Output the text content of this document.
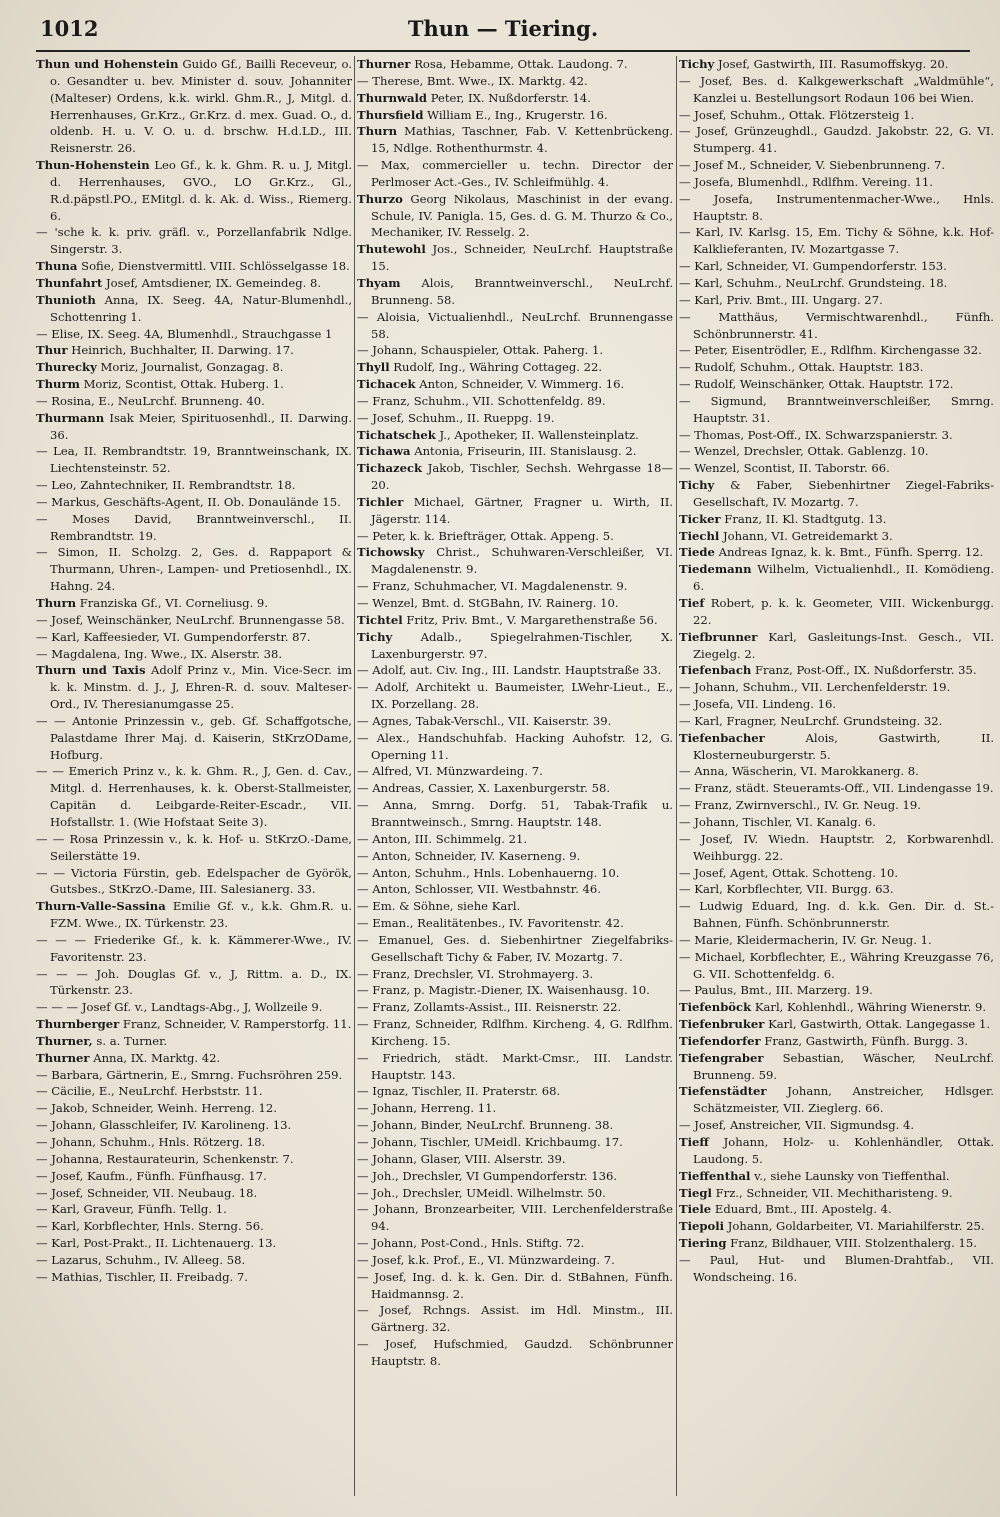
1012	Thun — Tiering.

Thun und Hohenstein Guido Gf., Bailli Receveur, o. o. Gesandter u. bev. Minister d. souv. Johanniter (Malteser) Ordens, k.k. wirkl. Ghm.R., J, Mitgl. d. Herrenhauses, Gr.Krz., Gr.Krz. d. mex. Guad. O., d. oldenb. H. u. V. O. u. d. brschw. H.d.LD., III. Reisnerstr. 26.

Thun-Hohenstein Leo Gf., k. k. Ghm. R. u. J, Mitgl. d. Herrenhauses, GVO., LO Gr.Krz., Gl., R.d.päpstl.PO., EMitgl. d. k. Ak. d. Wiss., Riemerg. 6.

— 'sche k. k. priv. gräfl. v., Porzellanfabrik Ndlge. Singerstr. 3.

Thuna Sofie, Dienstvermittl. VIII. Schlösselgasse 18.

Thunfahrt Josef, Amtsdiener, IX. Gemeindeg. 8.

Thunioth Anna, IX. Seeg. 4A, Natur-Blumenhdl., Schottenring 1.

— Elise, IX. Seeg. 4A, Blumenhdl., Strauchgasse 1

Thur Heinrich, Buchhalter, II. Darwing. 17.

Thurecky Moriz, Journalist, Gonzagag. 8.

Thurm Moriz, Scontist, Ottak. Huberg. 1.

— Rosina, E., NeuLrchf. Brunneng. 40.

Thurmann Isak Meier, Spirituosenhdl., II. Darwing. 36.

— Lea, II. Rembrandtstr. 19, Branntweinschank, IX. Liechtensteinstr. 52.

— Leo, Zahntechniker, II. Rembrandtstr. 18.

— Markus, Geschäfts-Agent, II. Ob. Donaulände 15.

— Moses David, Branntweinverschl., II. Rembrandtstr. 19.

— Simon, II. Scholzg. 2, Ges. d. Rappaport & Thurmann, Uhren-, Lampen- und Pretiosenhdl., IX. Hahng. 24.

Thurn Franziska Gf., VI. Corneliusg. 9.

— Josef, Weinschänker, NeuLrchf. Brunnengasse 58.

— Karl, Kaffeesieder, VI. Gumpendorferstr. 87.

— Magdalena, Ing. Wwe., IX. Alserstr. 38.

Thurn und Taxis Adolf Prinz v., Min. Vice-Secr. im k. k. Minstm. d. J., J, Ehren-R. d. souv. Malteser-Ord., IV. Theresianumgasse 25.

— — Antonie Prinzessin v., geb. Gf. Schaffgotsche, Palastdame Ihrer Maj. d. Kaiserin, StKrzODame, Hofburg.

— — Emerich Prinz v., k. k. Ghm. R., J, Gen. d. Cav., Mitgl. d. Herrenhauses, k. k. Oberst-Stallmeister, Capitän d. Leibgarde-Reiter-Escadr., VII. Hofstallstr. 1. (Wie Hofstaat Seite 3).

— — Rosa Prinzessin v., k. k. Hof- u. StKrzO.-Dame, Seilerstätte 19.

— — Victoria Fürstin, geb. Edelspacher de Györök, Gutsbes., StKrzO.-Dame, III. Salesianerg. 33.

Thurn-Valle-Sassina Emilie Gf. v., k.k. Ghm.R. u. FZM. Wwe., IX. Türkenstr. 23.

— — — Friederike Gf., k. k. Kämmerer-Wwe., IV. Favoritenstr. 23.

— — — Joh. Douglas Gf. v., J, Rittm. a. D., IX. Türkenstr. 23.

— — — Josef Gf. v., Landtags-Abg., J, Wollzeile 9.

Thurnberger Franz, Schneider, V. Ramperstorfg. 11.

Thurner, s. a. Turner.

Thurner Anna, IX. Marktg. 42.

— Barbara, Gärtnerin, E., Smrng. Fuchsröhren 259.

— Cäcilie, E., NeuLrchf. Herbststr. 11.

— Jakob, Schneider, Weinh. Herreng. 12.

— Johann, Glasschleifer, IV. Karolineng. 13.

— Johann, Schuhm., Hnls. Rötzerg. 18.

— Johanna, Restaurateurin, Schenkenstr. 7.

— Josef, Kaufm., Fünfh. Fünfhausg. 17.

— Josef, Schneider, VII. Neubaug. 18.

— Karl, Graveur, Fünfh. Tellg. 1.

— Karl, Korbflechter, Hnls. Sterng. 56.

— Karl, Post-Prakt., II. Lichtenauerg. 13.

— Lazarus, Schuhm., IV. Alleeg. 58.

— Mathias, Tischler, II. Freibadg. 7.

Thurner Rosa, Hebamme, Ottak. Laudong. 7.

— Therese, Bmt. Wwe., IX. Marktg. 42.

Thurnwald Peter, IX. Nußdorferstr. 14.

Thursfield William E., Ing., Krugerstr. 16.

Thurn Mathias, Taschner, Fab. V. Kettenbrückeng. 15, Ndlge. Rothenthurmstr. 4.

— Max, commercieller u. techn. Director der Perlmoser Act.-Ges., IV. Schleifmühlg. 4.

Thurzo Georg Nikolaus, Maschinist in der evang. Schule, IV. Panigla. 15, Ges. d. G. M. Thurzo & Co., Mechaniker, IV. Resselg. 2.

Thutewohl Jos., Schneider, NeuLrchf. Hauptstraße 15.

Thyam Alois, Branntweinverschl., NeuLrchf. Brunneng. 58.

— Aloisia, Victualienhdl., NeuLrchf. Brunnengasse 58.

— Johann, Schauspieler, Ottak. Paherg. 1.

Thyll Rudolf, Ing., Währing Cottageg. 22.

Tichacek Anton, Schneider, V. Wimmerg. 16.

— Franz, Schuhm., VII. Schottenfeldg. 89.

— Josef, Schuhm., II. Rueppg. 19.

Tichatschek J., Apotheker, II. Wallensteinplatz.

Tichawa Antonia, Friseurin, III. Stanislausg. 2.

Tichazeck Jakob, Tischler, Sechsh. Wehrgasse 18—20.

Tichler Michael, Gärtner, Fragner u. Wirth, II. Jägerstr. 114.

— Peter, k. k. Briefträger, Ottak. Appeng. 5.

Tichowsky Christ., Schuhwaren-Verschleißer, VI. Magdalenenstr. 9.

— Franz, Schuhmacher, VI. Magdalenenstr. 9.

— Wenzel, Bmt. d. StGBahn, IV. Rainerg. 10.

Tichtel Fritz, Priv. Bmt., V. Margarethenstraße 56.

Tichy Adalb., Spiegelrahmen-Tischler, X. Laxenburgerstr. 97.

— Adolf, aut. Civ. Ing., III. Landstr. Hauptstraße 33.

— Adolf, Architekt u. Baumeister, LWehr-Lieut., E., IX. Porzellang. 28.

— Agnes, Tabak-Verschl., VII. Kaiserstr. 39.

— Alex., Handschuhfab. Hacking Auhofstr. 12, G. Operning 11.

— Alfred, VI. Münzwardeing. 7.

— Andreas, Cassier, X. Laxenburgerstr. 58.

— Anna, Smrng. Dorfg. 51, Tabak-Trafik u. Branntweinsch., Smrng. Hauptstr. 148.

— Anton, III. Schimmelg. 21.

— Anton, Schneider, IV. Kaserneng. 9.

— Anton, Schuhm., Hnls. Lobenhauerng. 10.

— Anton, Schlosser, VII. Westbahnstr. 46.

— Em. & Söhne, siehe Karl.

— Eman., Realitätenbes., IV. Favoritenstr. 42.

— Emanuel, Ges. d. Siebenhirtner Ziegelfabriks-Gesellschaft Tichy & Faber, IV. Mozartg. 7.

— Franz, Drechsler, VI. Strohmayerg. 3.

— Franz, p. Magistr.-Diener, IX. Waisenhausg. 10.

— Franz, Zollamts-Assist., III. Reisnerstr. 22.

— Franz, Schneider, Rdlfhm. Kircheng. 4, G. Rdlfhm. Kircheng. 15.

— Friedrich, städt. Markt-Cmsr., III. Landstr. Hauptstr. 143.

— Ignaz, Tischler, II. Praterstr. 68.

— Johann, Herreng. 11.

— Johann, Binder, NeuLrchf. Brunneng. 38.

— Johann, Tischler, UMeidl. Krichbaumg. 17.

— Johann, Glaser, VIII. Alserstr. 39.

— Joh., Drechsler, VI Gumpendorferstr. 136.

— Joh., Drechsler, UMeidl. Wilhelmstr. 50.

— Johann, Bronzearbeiter, VIII. Lerchenfelderstraße 94.

— Johann, Post-Cond., Hnls. Stiftg. 72.

— Josef, k.k. Prof., E., VI. Münzwardeing. 7.

— Josef, Ing. d. k. k. Gen. Dir. d. StBahnen, Fünfh. Haidmannsg. 2.

— Josef, Rchngs. Assist. im Hdl. Minstm., III. Gärtnerg. 32.

— Josef, Hufschmied, Gaudzd. Schönbrunner Hauptstr. 8.

Tichy Josef, Gastwirth, III. Rasumoffskyg. 20.

— Josef, Bes. d. Kalkgewerkschaft „Waldmühle“, Kanzlei u. Bestellungsort Rodaun 106 bei Wien.

— Josef, Schuhm., Ottak. Flötzersteig 1.

— Josef, Grünzeughdl., Gaudzd. Jakobstr. 22, G. VI. Stumperg. 41.

— Josef M., Schneider, V. Siebenbrunneng. 7.

— Josefa, Blumenhdl., Rdlfhm. Vereing. 11.

— Josefa, Instrumentenmacher-Wwe., Hnls. Hauptstr. 8.

— Karl, IV. Karlsg. 15, Em. Tichy & Söhne, k.k. Hof-Kalklieferanten, IV. Mozartgasse 7.

— Karl, Schneider, VI. Gumpendorferstr. 153.

— Karl, Schuhm., NeuLrchf. Grundsteing. 18.

— Karl, Priv. Bmt., III. Ungarg. 27.

— Matthäus, Vermischtwarenhdl., Fünfh. Schönbrunnerstr. 41.

— Peter, Eisentrödler, E., Rdlfhm. Kirchengasse 32.

— Rudolf, Schuhm., Ottak. Hauptstr. 183.

— Rudolf, Weinschänker, Ottak. Hauptstr. 172.

— Sigmund, Branntweinverschleißer, Smrng. Hauptstr. 31.

— Thomas, Post-Off., IX. Schwarzspanierstr. 3.

— Wenzel, Drechsler, Ottak. Gablenzg. 10.

— Wenzel, Scontist, II. Taborstr. 66.

Tichy & Faber, Siebenhirtner Ziegel-Fabriks-Gesellschaft, IV. Mozartg. 7.

Ticker Franz, II. Kl. Stadtgutg. 13.

Tiechl Johann, VI. Getreidemarkt 3.

Tiede Andreas Ignaz, k. k. Bmt., Fünfh. Sperrg. 12.

Tiedemann Wilhelm, Victualienhdl., II. Komödieng. 6.

Tief Robert, p. k. k. Geometer, VIII. Wickenburgg. 22.

Tiefbrunner Karl, Gasleitungs-Inst. Gesch., VII. Ziegelg. 2.

Tiefenbach Franz, Post-Off., IX. Nußdorferstr. 35.

— Johann, Schuhm., VII. Lerchenfelderstr. 19.

— Josefa, VII. Lindeng. 16.

— Karl, Fragner, NeuLrchf. Grundsteing. 32.

Tiefenbacher	Alois, Gastwirth, II. Klosterneuburgerstr. 5.

— Anna, Wäscherin, VI. Marokkanerg. 8.

— Franz, städt. Steueramts-Off., VII. Lindengasse 19.

— Franz, Zwirnverschl., IV. Gr. Neug. 19.

— Johann, Tischler, VI. Kanalg. 6.

— Josef, IV. Wiedn. Hauptstr. 2, Korbwarenhdl. Weihburgg. 22.

— Josef, Agent, Ottak. Schotteng. 10.

— Karl, Korbflechter, VII. Burgg. 63.

— Ludwig Eduard, Ing. d. k.k. Gen. Dir. d. St.-Bahnen, Fünfh. Schönbrunnerstr.

— Marie, Kleidermacherin, IV. Gr. Neug. 1.

— Michael, Korbflechter, E., Währing Kreuzgasse 76, G. VII. Schottenfeldg. 6.

— Paulus, Bmt., III. Marzerg. 19.

Tiefenböck Karl, Kohlenhdl., Währing Wienerstr. 9.

Tiefenbruker Karl, Gastwirth, Ottak. Langegasse 1.

Tiefendorfer Franz, Gastwirth, Fünfh. Burgg. 3.

Tiefengraber Sebastian, Wäscher, NeuLrchf. Brunneng. 59.

Tiefenstädter Johann, Anstreicher, Hdlsger. Schätzmeister, VII. Zieglerg. 66.

— Josef, Anstreicher, VII. Sigmundsg. 4.

Tieff Johann, Holz- u. Kohlenhändler, Ottak. Laudong. 5.

Tieffenthal v., siehe Launsky von Tieffenthal.

Tiegl Frz., Schneider, VII. Mechitharisteng. 9.

Tiele Eduard, Bmt., III. Apostelg. 4.

Tiepoli Johann, Goldarbeiter, VI. Mariahilferstr. 25.

Tiering Franz, Bildhauer, VIII. Stolzenthalerg. 15.

— Paul, Hut- und Blumen-Drahtfab., VII. Wondscheing. 16.
